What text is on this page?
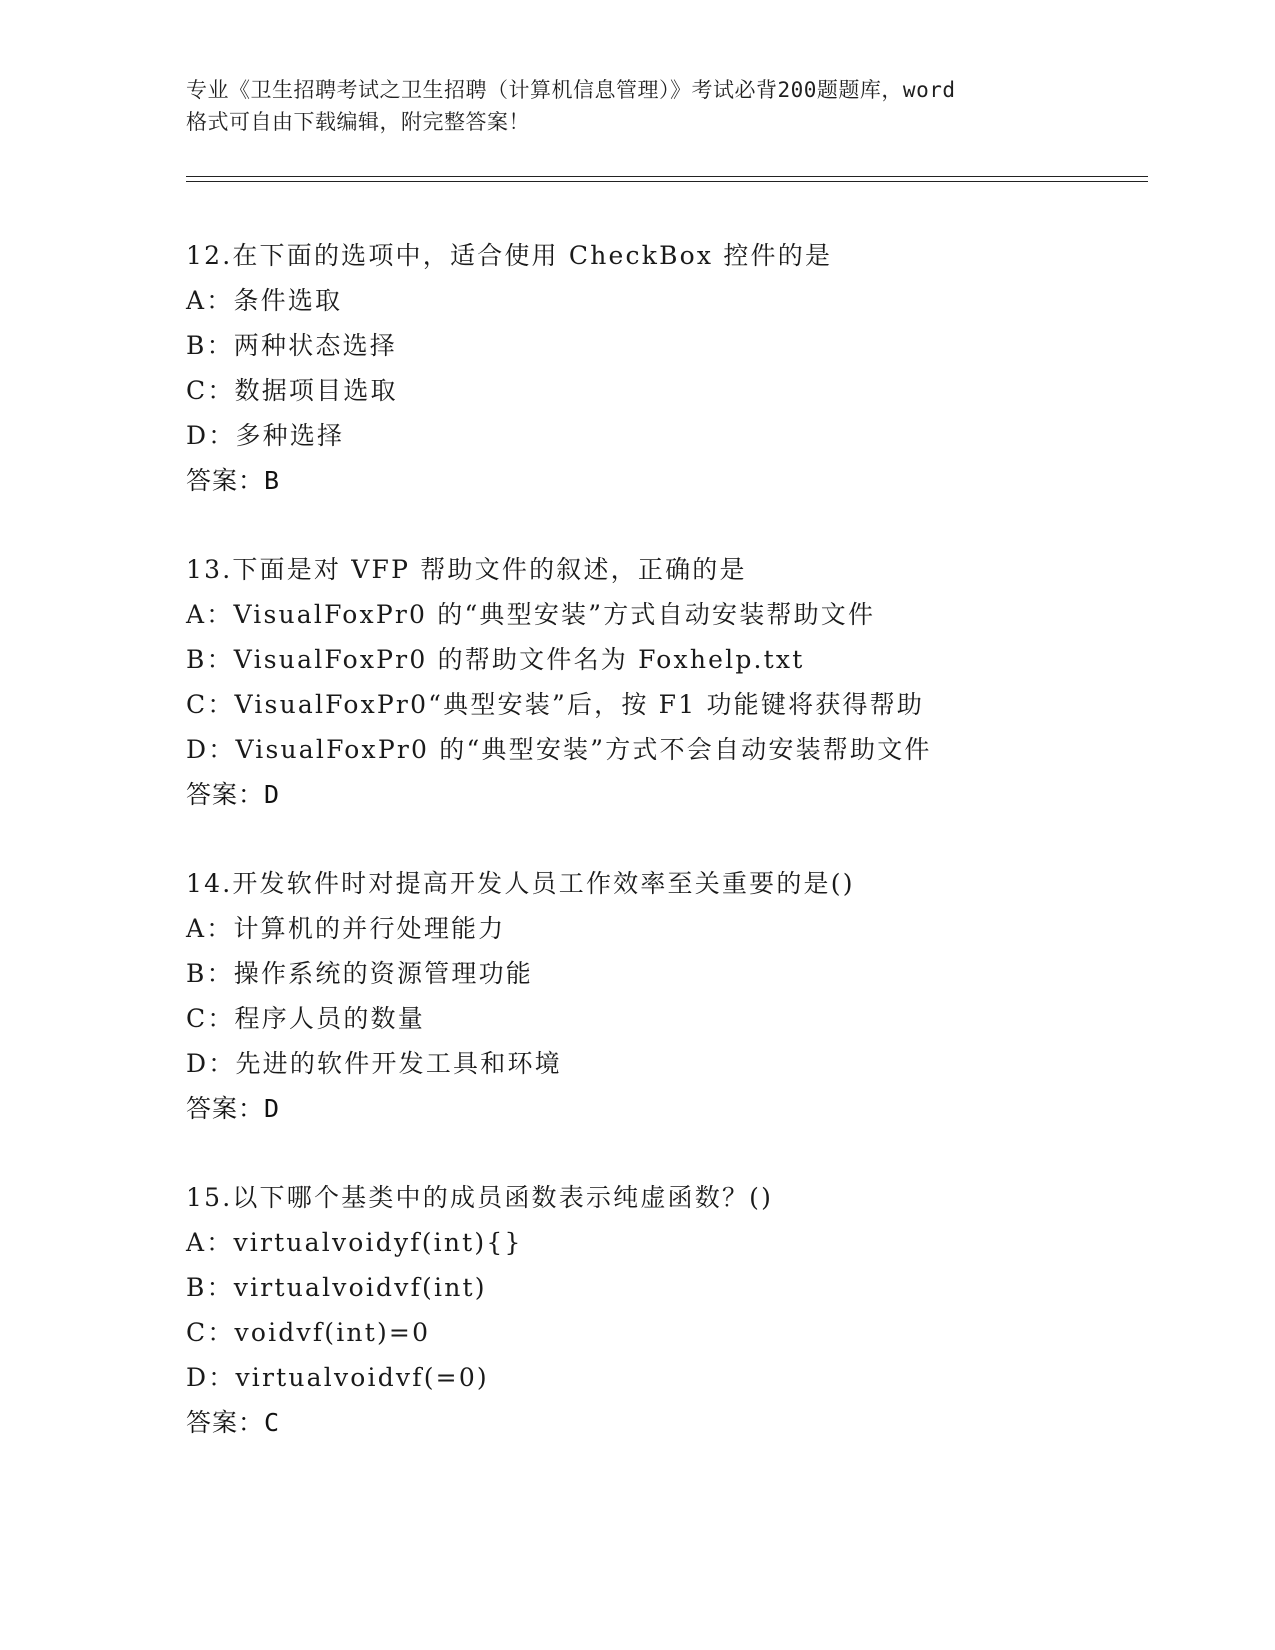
专业《卫生招聘考试之卫生招聘（计算机信息管理）》考试必背200题题库，word
格式可自由下载编辑，附完整答案！
12.在下面的选项中，适合使用 CheckBox 控件的是
A：条件选取
B：两种状态选择
C：数据项目选取
D：多种选择
答案：B
13.下面是对 VFP 帮助文件的叙述，正确的是
A：VisualFoxPr0 的“典型安装”方式自动安装帮助文件
B：VisualFoxPr0 的帮助文件名为 Foxhelp.txt
C：VisualFoxPr0“典型安装”后，按 F1 功能键将获得帮助
D：VisualFoxPr0 的“典型安装”方式不会自动安装帮助文件
答案：D
14.开发软件时对提高开发人员工作效率至关重要的是()
A：计算机的并行处理能力
B：操作系统的资源管理功能
C：程序人员的数量
D：先进的软件开发工具和环境
答案：D
15.以下哪个基类中的成员函数表示纯虚函数？()
A：virtualvoidyf(int){}
B：virtualvoidvf(int)
C：voidvf(int)=0
D：virtualvoidvf(=0)
答案：C
